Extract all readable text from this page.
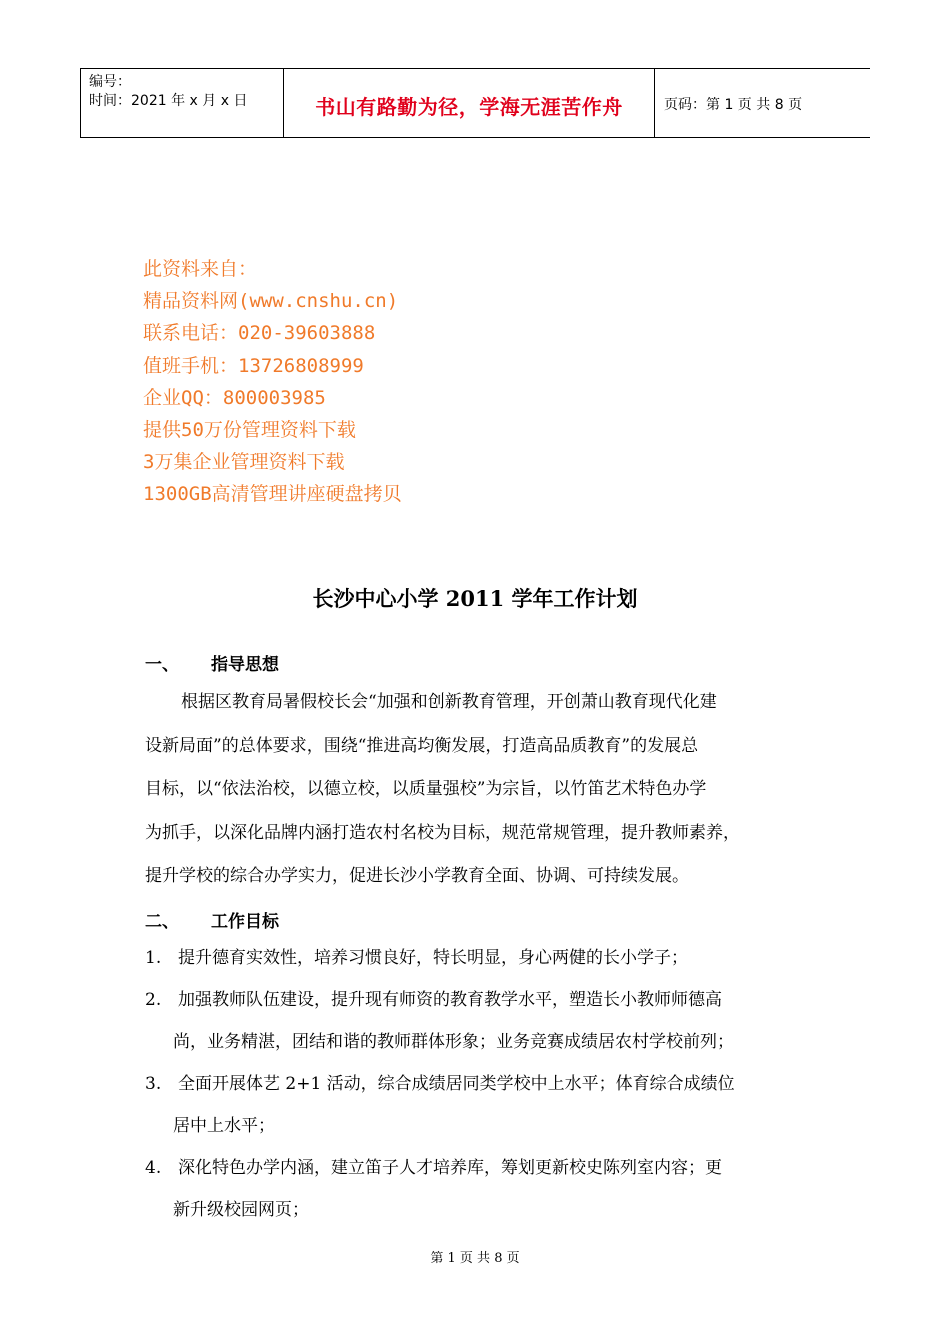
编号：
时间：2021 年 x 月 x 日	书山有路勤为径，学海无涯苦作舟	页码：第 1 页 共 8 页
此资料来自：
精品资料网(www.cnshu.cn)
联系电话：020-39603888
值班手机：13726808999
企业QQ：800003985
提供50万份管理资料下载
3万集企业管理资料下载
1300GB高清管理讲座硬盘拷贝
长沙中心小学 2011 学年工作计划
一、 指导思想
根据区教育局暑假校长会“加强和创新教育管理，开创萧山教育现代化建
设新局面”的总体要求，围绕“推进高均衡发展，打造高品质教育”的发展总
目标，以“依法治校，以德立校，以质量强校”为宗旨，以竹笛艺术特色办学
为抓手，以深化品牌内涵打造农村名校为目标，规范常规管理，提升教师素养，
提升学校的综合办学实力，促进长沙小学教育全面、协调、可持续发展。
二、 工作目标
1. 提升德育实效性，培养习惯良好，特长明显，身心两健的长小学子；
2. 加强教师队伍建设，提升现有师资的教育教学水平，塑造长小教师师德高
尚，业务精湛，团结和谐的教师群体形象；业务竞赛成绩居农村学校前列；
3. 全面开展体艺 2+1 活动，综合成绩居同类学校中上水平；体育综合成绩位
居中上水平；
4. 深化特色办学内涵，建立笛子人才培养库，筹划更新校史陈列室内容；更
新升级校园网页；
第 1 页 共 8 页
